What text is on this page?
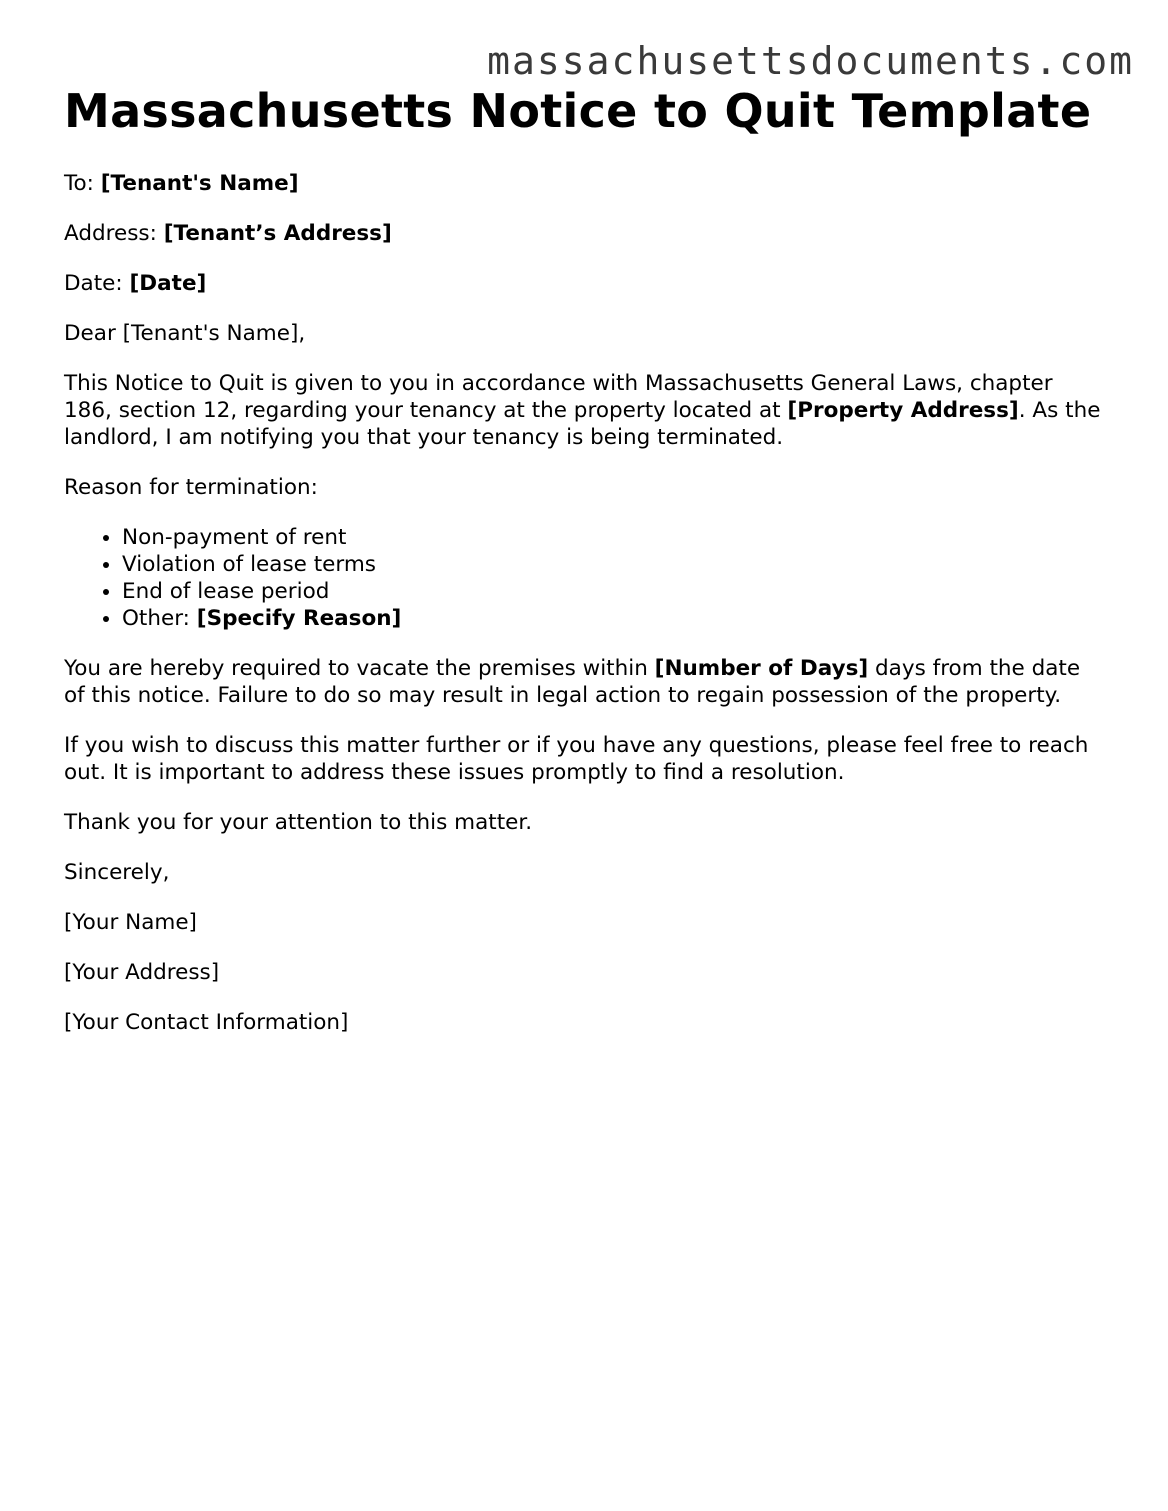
massachusettsdocuments.com
Massachusetts Notice to Quit Template

To: [Tenant's Name]

Address: [Tenant’s Address]

Date: [Date]

Dear [Tenant's Name],

This Notice to Quit is given to you in accordance with Massachusetts General Laws, chapter 186, section 12, regarding your tenancy at the property located at [Property Address]. As the landlord, I am notifying you that your tenancy is being terminated.

Reason for termination:

• Non-payment of rent
• Violation of lease terms
• End of lease period
• Other: [Specify Reason]

You are hereby required to vacate the premises within [Number of Days] days from the date of this notice. Failure to do so may result in legal action to regain possession of the property.

If you wish to discuss this matter further or if you have any questions, please feel free to reach out. It is important to address these issues promptly to find a resolution.

Thank you for your attention to this matter.

Sincerely,

[Your Name]

[Your Address]

[Your Contact Information]
